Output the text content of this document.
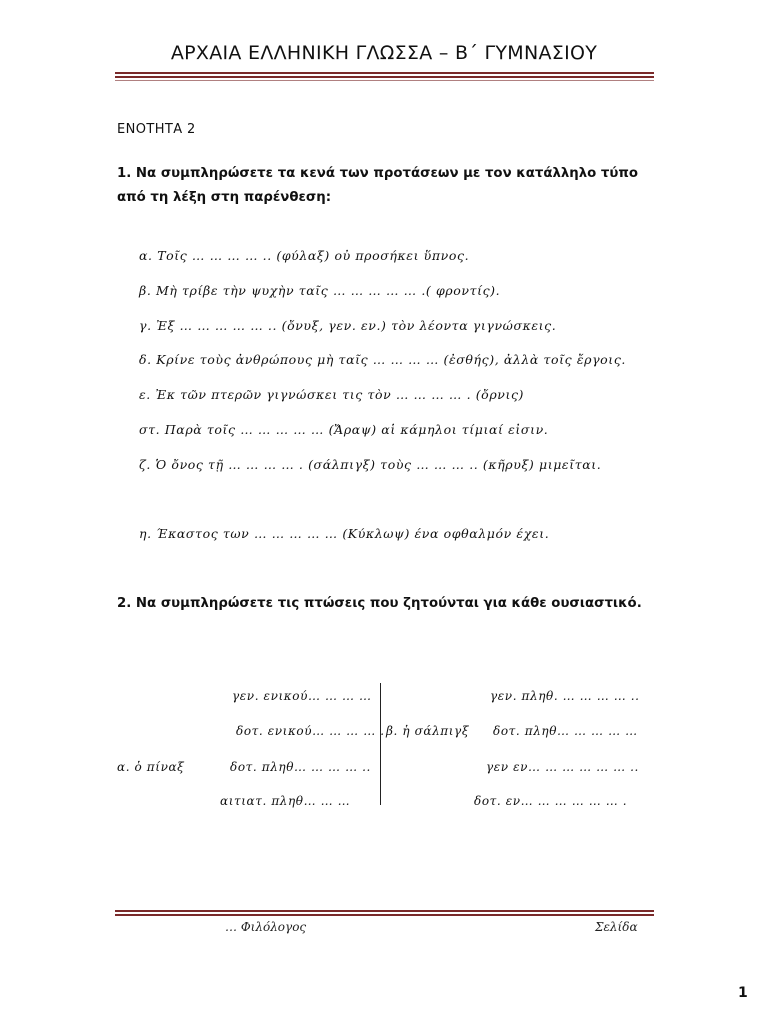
ΑΡΧΑΙΑ ΕΛΛΗΝΙΚΗ ΓΛΩΣΣΑ – Β΄ ΓΥΜΝΑΣΙΟΥ
ΕΝΟΤΗΤΑ 2
1. Να συμπληρώσετε τα κενά των προτάσεων με τον κατάλληλο τύπο
από τη λέξη στη παρένθεση:
α. Τοῖς … … … … .. (φύλαξ) οὐ προσήκει ὕπνος.
β. Μὴ τρίβε τὴν ψυχὴν ταῖς … … … … … .( φροντίς).
γ. Ἐξ … … … … … .. (ὄνυξ, γεν. εν.) τὸν λέοντα γιγνώσκεις.
δ. Κρίνε τοὺς ἀνθρώπους μὴ ταῖς … … … … (ἐσθής), ἀλλὰ τοῖς ἔργοις.
ε. Ἐκ τῶν πτερῶν γιγνώσκει τις τὸν … … … … . (ὄρνις)
στ. Παρὰ τοῖς … … … … … (Ἄραψ) αἱ κάμηλοι τίμιαί εἰσιν.
ζ. Ὁ ὄνος τῇ … … … … . (σάλπιγξ) τοὺς … … … .. (κῆρυξ) μιμεῖται.
η. Έκαστος των … … … … … (Κύκλωψ) ένα οφθαλμόν έχει.
2. Να συμπληρώσετε τις πτώσεις που ζητούνται για κάθε ουσιαστικό.
γεν. ενικού… … … …
δοτ. ενικού… … … … .
α. ὁ πίναξ	δοτ. πληθ… … … … ..
αιτιατ. πληθ… … …
β. ἡ σάλπιγξ
γεν. πληθ. … … … … ..
δοτ. πληθ… … … … …
γεν εν… … … … … … ..
δοτ. εν… … … … … … .
… Φιλόλογος	Σελίδα
1
